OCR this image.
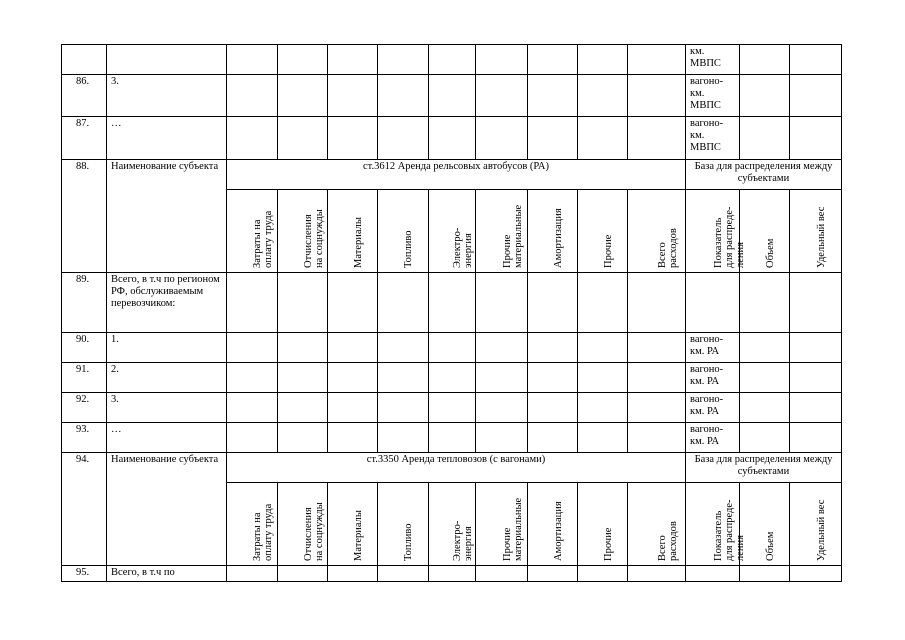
											км.
МВПС		
86.	3.										вагоно-
км.
МВПС		
87.	…										вагоно-
км.
МВПС		
88.	Наименование субъекта	ст.3612 Аренда рельсовых автобусов (РА)									База для распределения между субъектами		

		Затраты на
оплату труда	Отчисления
на соцнужды	Материалы	Топливо	Электро-
энергия	Прочие
материальные	Амортизация	Прочие	Всего
расходов	Показатель
для распреде-
ления	Объем	Удельный вес

89.	Всего, в т.ч по регионом РФ, обслуживаемым перевозчиком:												
90.	1.										вагоно-
км. РА		
91.	2.										вагоно-
км. РА		
92.	3.										вагоно-
км. РА		
93.	…										вагоно-
км. РА		
94.	Наименование субъекта	ст.3350 Аренда тепловозов (с вагонами)									База для распределения между субъектами		

		Затраты на
оплату труда	Отчисления
на соцнужды	Материалы	Топливо	Электро-
энергия	Прочие
материальные	Амортизация	Прочие	Всего
расходов	Показатель
для распреде-
ления	Объем	Удельный вес

95.	Всего, в т.ч по												
